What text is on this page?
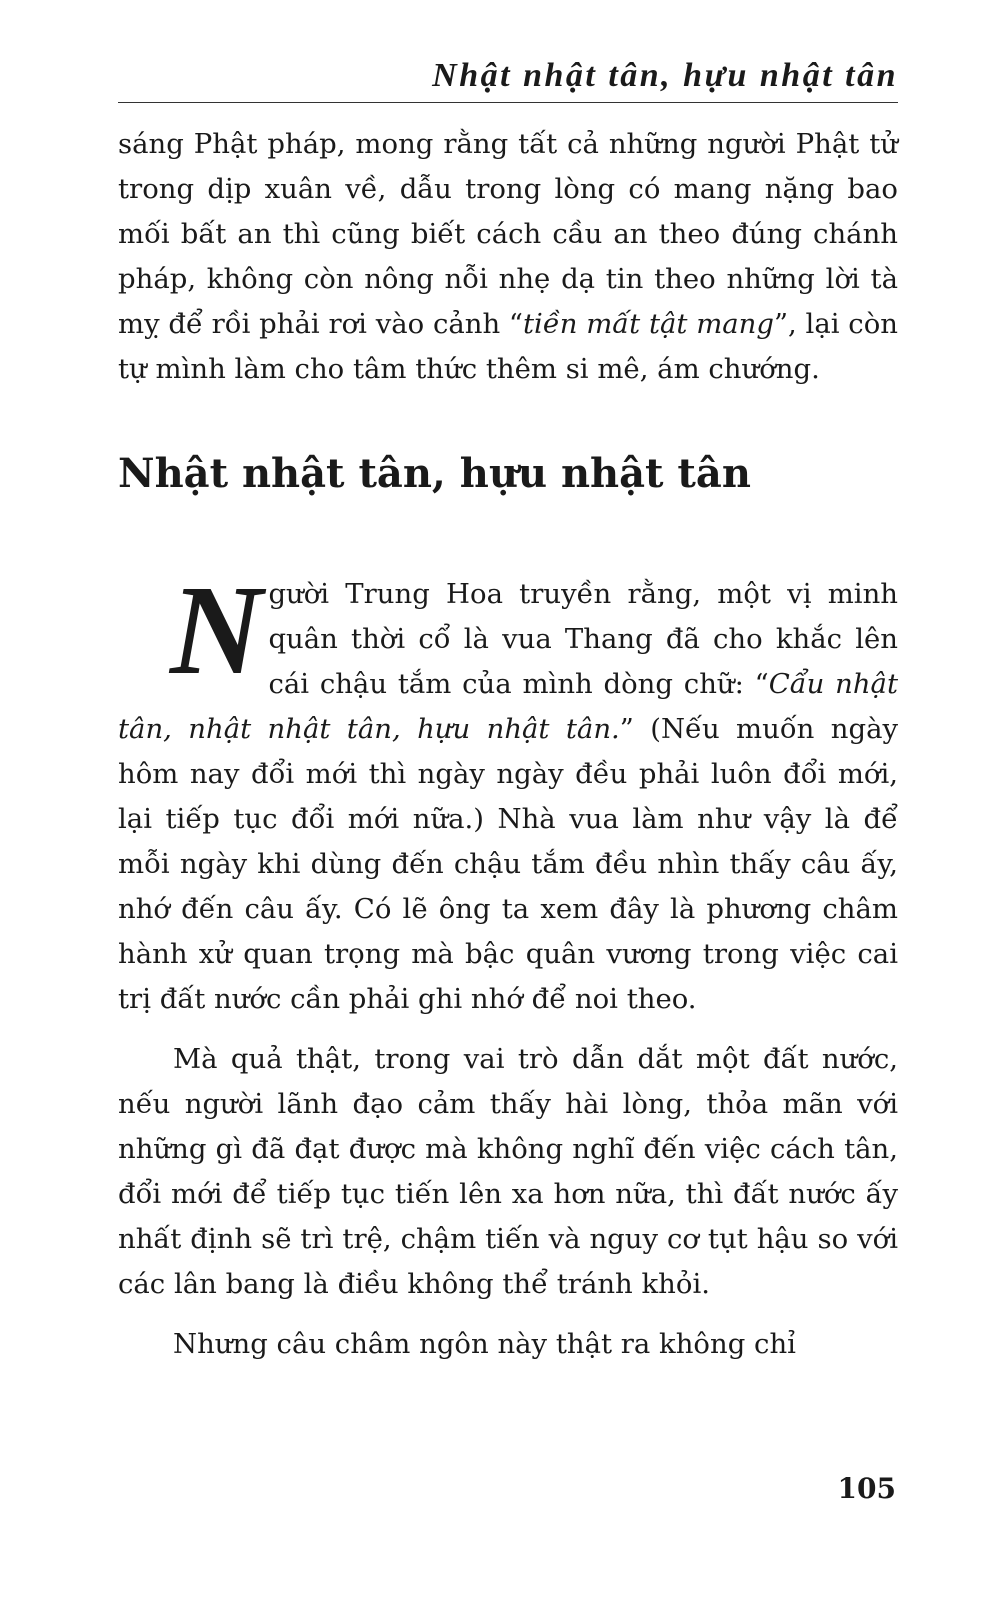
Nhật nhật tân, hựu nhật tân

sáng Phật pháp, mong rằng tất cả những người Phật tử trong dịp xuân về, dẫu trong lòng có mang nặng bao mối bất an thì cũng biết cách cầu an theo đúng chánh pháp, không còn nông nỗi nhẹ dạ tin theo những lời tà mỵ để rồi phải rơi vào cảnh “tiền mất tật mang”, lại còn tự mình làm cho tâm thức thêm si mê, ám chướng.

Nhật nhật tân, hựu nhật tân

Người Trung Hoa truyền rằng, một vị minh quân thời cổ là vua Thang đã cho khắc lên cái chậu tắm của mình dòng chữ: “Cẩu nhật tân, nhật nhật tân, hựu nhật tân.” (Nếu muốn ngày hôm nay đổi mới thì ngày ngày đều phải luôn đổi mới, lại tiếp tục đổi mới nữa.) Nhà vua làm như vậy là để mỗi ngày khi dùng đến chậu tắm đều nhìn thấy câu ấy, nhớ đến câu ấy. Có lẽ ông ta xem đây là phương châm hành xử quan trọng mà bậc quân vương trong việc cai trị đất nước cần phải ghi nhớ để noi theo.

Mà quả thật, trong vai trò dẫn dắt một đất nước, nếu người lãnh đạo cảm thấy hài lòng, thỏa mãn với những gì đã đạt được mà không nghĩ đến việc cách tân, đổi mới để tiếp tục tiến lên xa hơn nữa, thì đất nước ấy nhất định sẽ trì trệ, chậm tiến và nguy cơ tụt hậu so với các lân bang là điều không thể tránh khỏi.

Nhưng câu châm ngôn này thật ra không chỉ

105
